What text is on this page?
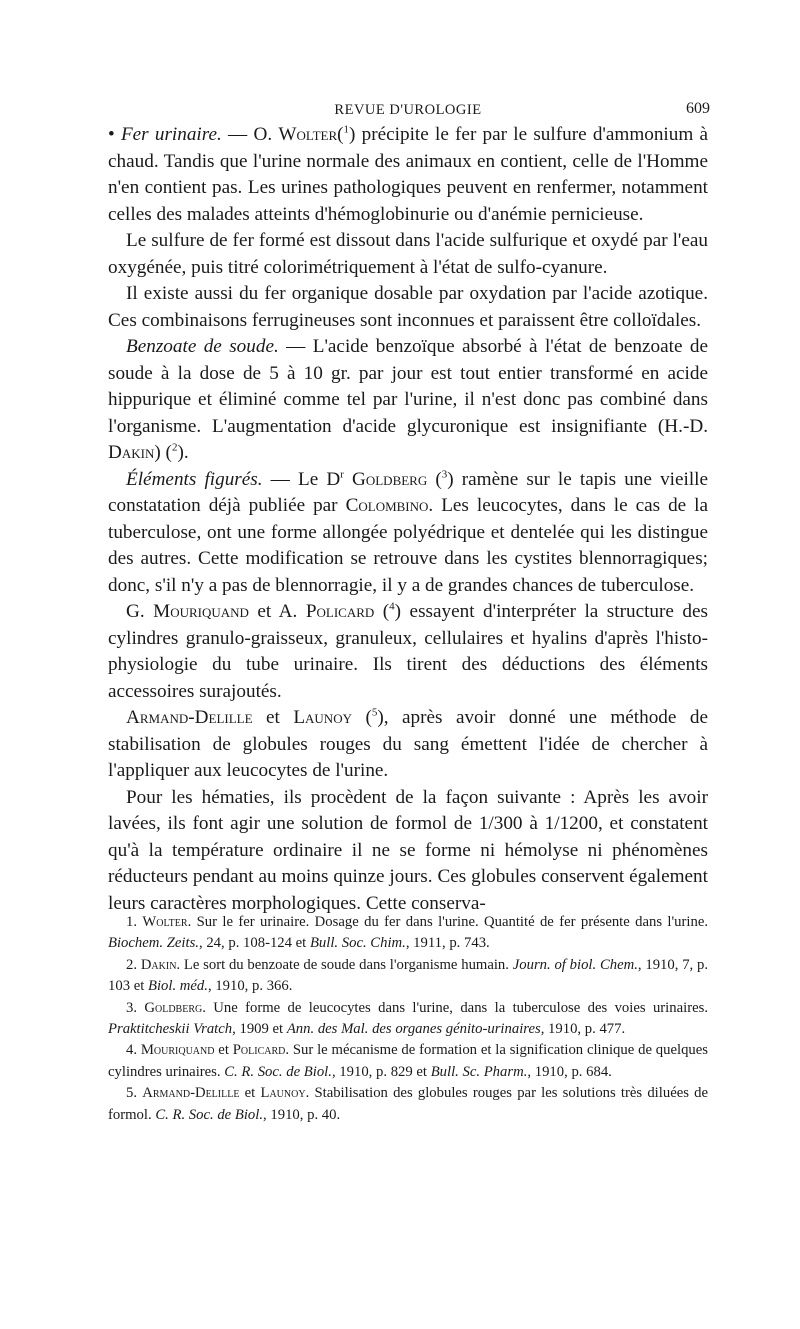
REVUE D'UROLOGIE	609

• Fer urinaire. — O. Wolter($^1$) précipite le fer par le sulfure d'ammonium à chaud. Tandis que l'urine normale des animaux en contient, celle de l'Homme n'en contient pas. Les urines pathologiques peuvent en renfermer, notamment celles des malades atteints d'hémoglobinurie ou d'anémie pernicieuse.

Le sulfure de fer formé est dissout dans l'acide sulfurique et oxydé par l'eau oxygénée, puis titré colorimétriquement à l'état de sulfo-cyanure.

Il existe aussi du fer organique dosable par oxydation par l'acide azotique. Ces combinaisons ferrugineuses sont inconnues et paraissent être colloïdales.

Benzoate de soude. — L'acide benzoïque absorbé à l'état de benzoate de soude à la dose de 5 à 10 gr. par jour est tout entier transformé en acide hippurique et éliminé comme tel par l'urine, il n'est donc pas combiné dans l'organisme. L'augmentation d'acide glycuronique est insignifiante (H.-D. Dakin) ($^2$).

Éléments figurés. — Le $D^r$ Goldberg ($^3$) ramène sur le tapis une vieille constatation déjà publiée par Colombino. Les leucocytes, dans le cas de la tuberculose, ont une forme allongée polyédrique et dentelée qui les distingue des autres. Cette modification se retrouve dans les cystites blennorragiques; donc, s'il n'y a pas de blennorragie, il y a de grandes chances de tuberculose.

G. Mouriquand et A. Policard ($^4$) essayent d'interpréter la structure des cylindres granulo-graisseux, granuleux, cellulaires et hyalins d'après l'histo-physiologie du tube urinaire. Ils tirent des déductions des éléments accessoires surajoutés.

Armand-Delille et Launoy ($^5$), après avoir donné une méthode de stabilisation de globules rouges du sang émettent l'idée de chercher à l'appliquer aux leucocytes de l'urine.

Pour les hématies, ils procèdent de la façon suivante : Après les avoir lavées, ils font agir une solution de formol de 1/300 à 1/1200, et constatent qu'à la température ordinaire il ne se forme ni hémolyse ni phénomènes réducteurs pendant au moins quinze jours. Ces globules conservent également leurs caractères morphologiques. Cette conserva-

1. Wolter. Sur le fer urinaire. Dosage du fer dans l'urine. Quantité de fer présente dans l'urine. Biochem. Zeits., 24, p. 108-124 et Bull. Soc. Chim., 1911, p. 743.

2. Dakin. Le sort du benzoate de soude dans l'organisme humain. Journ. of biol. Chem., 1910, 7, p. 103 et Biol. méd., 1910, p. 366.

3. Goldberg. Une forme de leucocytes dans l'urine, dans la tuberculose des voies urinaires. Praktitcheskii Vratch, 1909 et Ann. des Mal. des organes génito-urinaires, 1910, p. 477.

4. Mouriquand et Policard. Sur le mécanisme de formation et la signification clinique de quelques cylindres urinaires. C. R. Soc. de Biol., 1910, p. 829 et Bull. Sc. Pharm., 1910, p. 684.

5. Armand-Delille et Launoy. Stabilisation des globules rouges par les solutions très diluées de formol. C. R. Soc. de Biol., 1910, p. 40.
